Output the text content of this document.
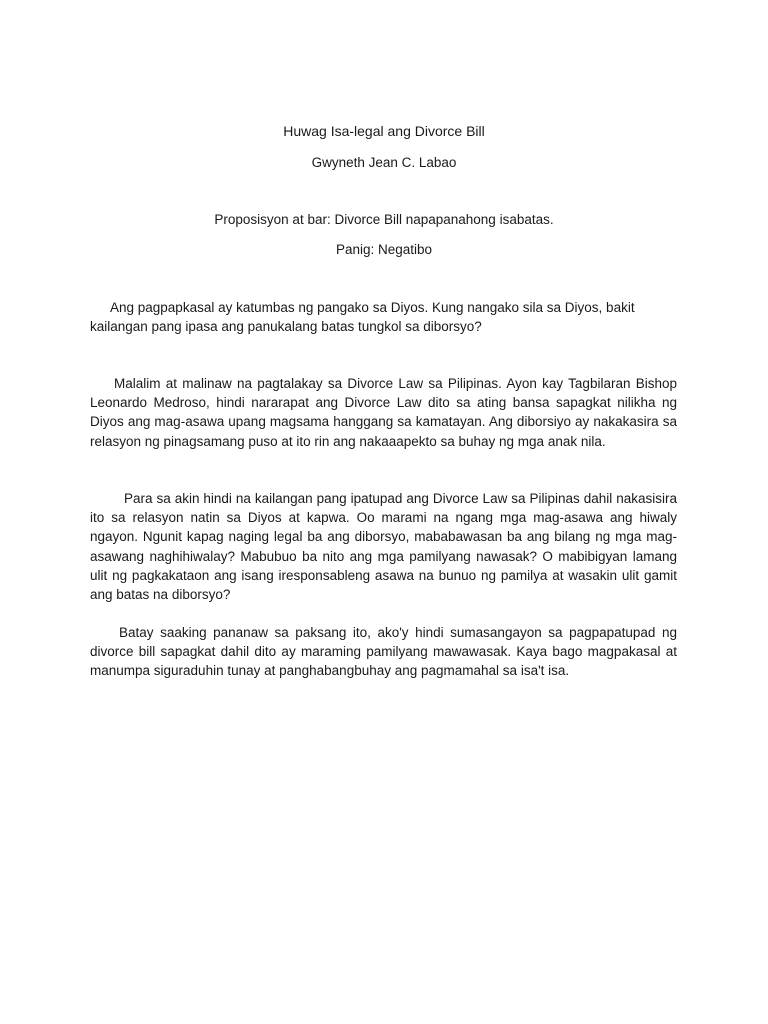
Huwag Isa-legal ang Divorce Bill
Gwyneth Jean C. Labao
Proposisyon at bar: Divorce Bill napapanahong isabatas.
Panig: Negatibo

Ang pagpapkasal ay katumbas ng pangako sa Diyos. Kung nangako sila sa Diyos, bakit kailangan pang ipasa ang panukalang batas tungkol sa diborsyo?

Malalim at malinaw na pagtalakay sa Divorce Law sa Pilipinas. Ayon kay Tagbilaran Bishop Leonardo Medroso, hindi nararapat ang Divorce Law dito sa ating bansa sapagkat nilikha ng Diyos ang mag-asawa upang magsama hanggang sa kamatayan. Ang diborsiyo ay nakakasira sa relasyon ng pinagsamang puso at ito rin ang nakaaapekto sa buhay ng mga anak nila.

Para sa akin hindi na kailangan pang ipatupad ang Divorce Law sa Pilipinas dahil nakasisira ito sa relasyon natin sa Diyos at kapwa. Oo marami na ngang mga mag-asawa ang hiwaly ngayon. Ngunit kapag naging legal ba ang diborsyo, mababawasan ba ang bilang ng mga mag-asawang naghihiwalay? Mabubuo ba nito ang mga pamilyang nawasak? O mabibigyan lamang ulit ng pagkakataon ang isang iresponsableng asawa na bunuo ng pamilya at wasakin ulit gamit ang batas na diborsyo?

Batay saaking pananaw sa paksang ito, ako'y hindi sumasangayon sa pagpapatupad ng divorce bill sapagkat dahil dito ay maraming pamilyang mawawasak. Kaya bago magpakasal at manumpa siguraduhin tunay at panghabangbuhay ang pagmamahal sa isa't isa.
